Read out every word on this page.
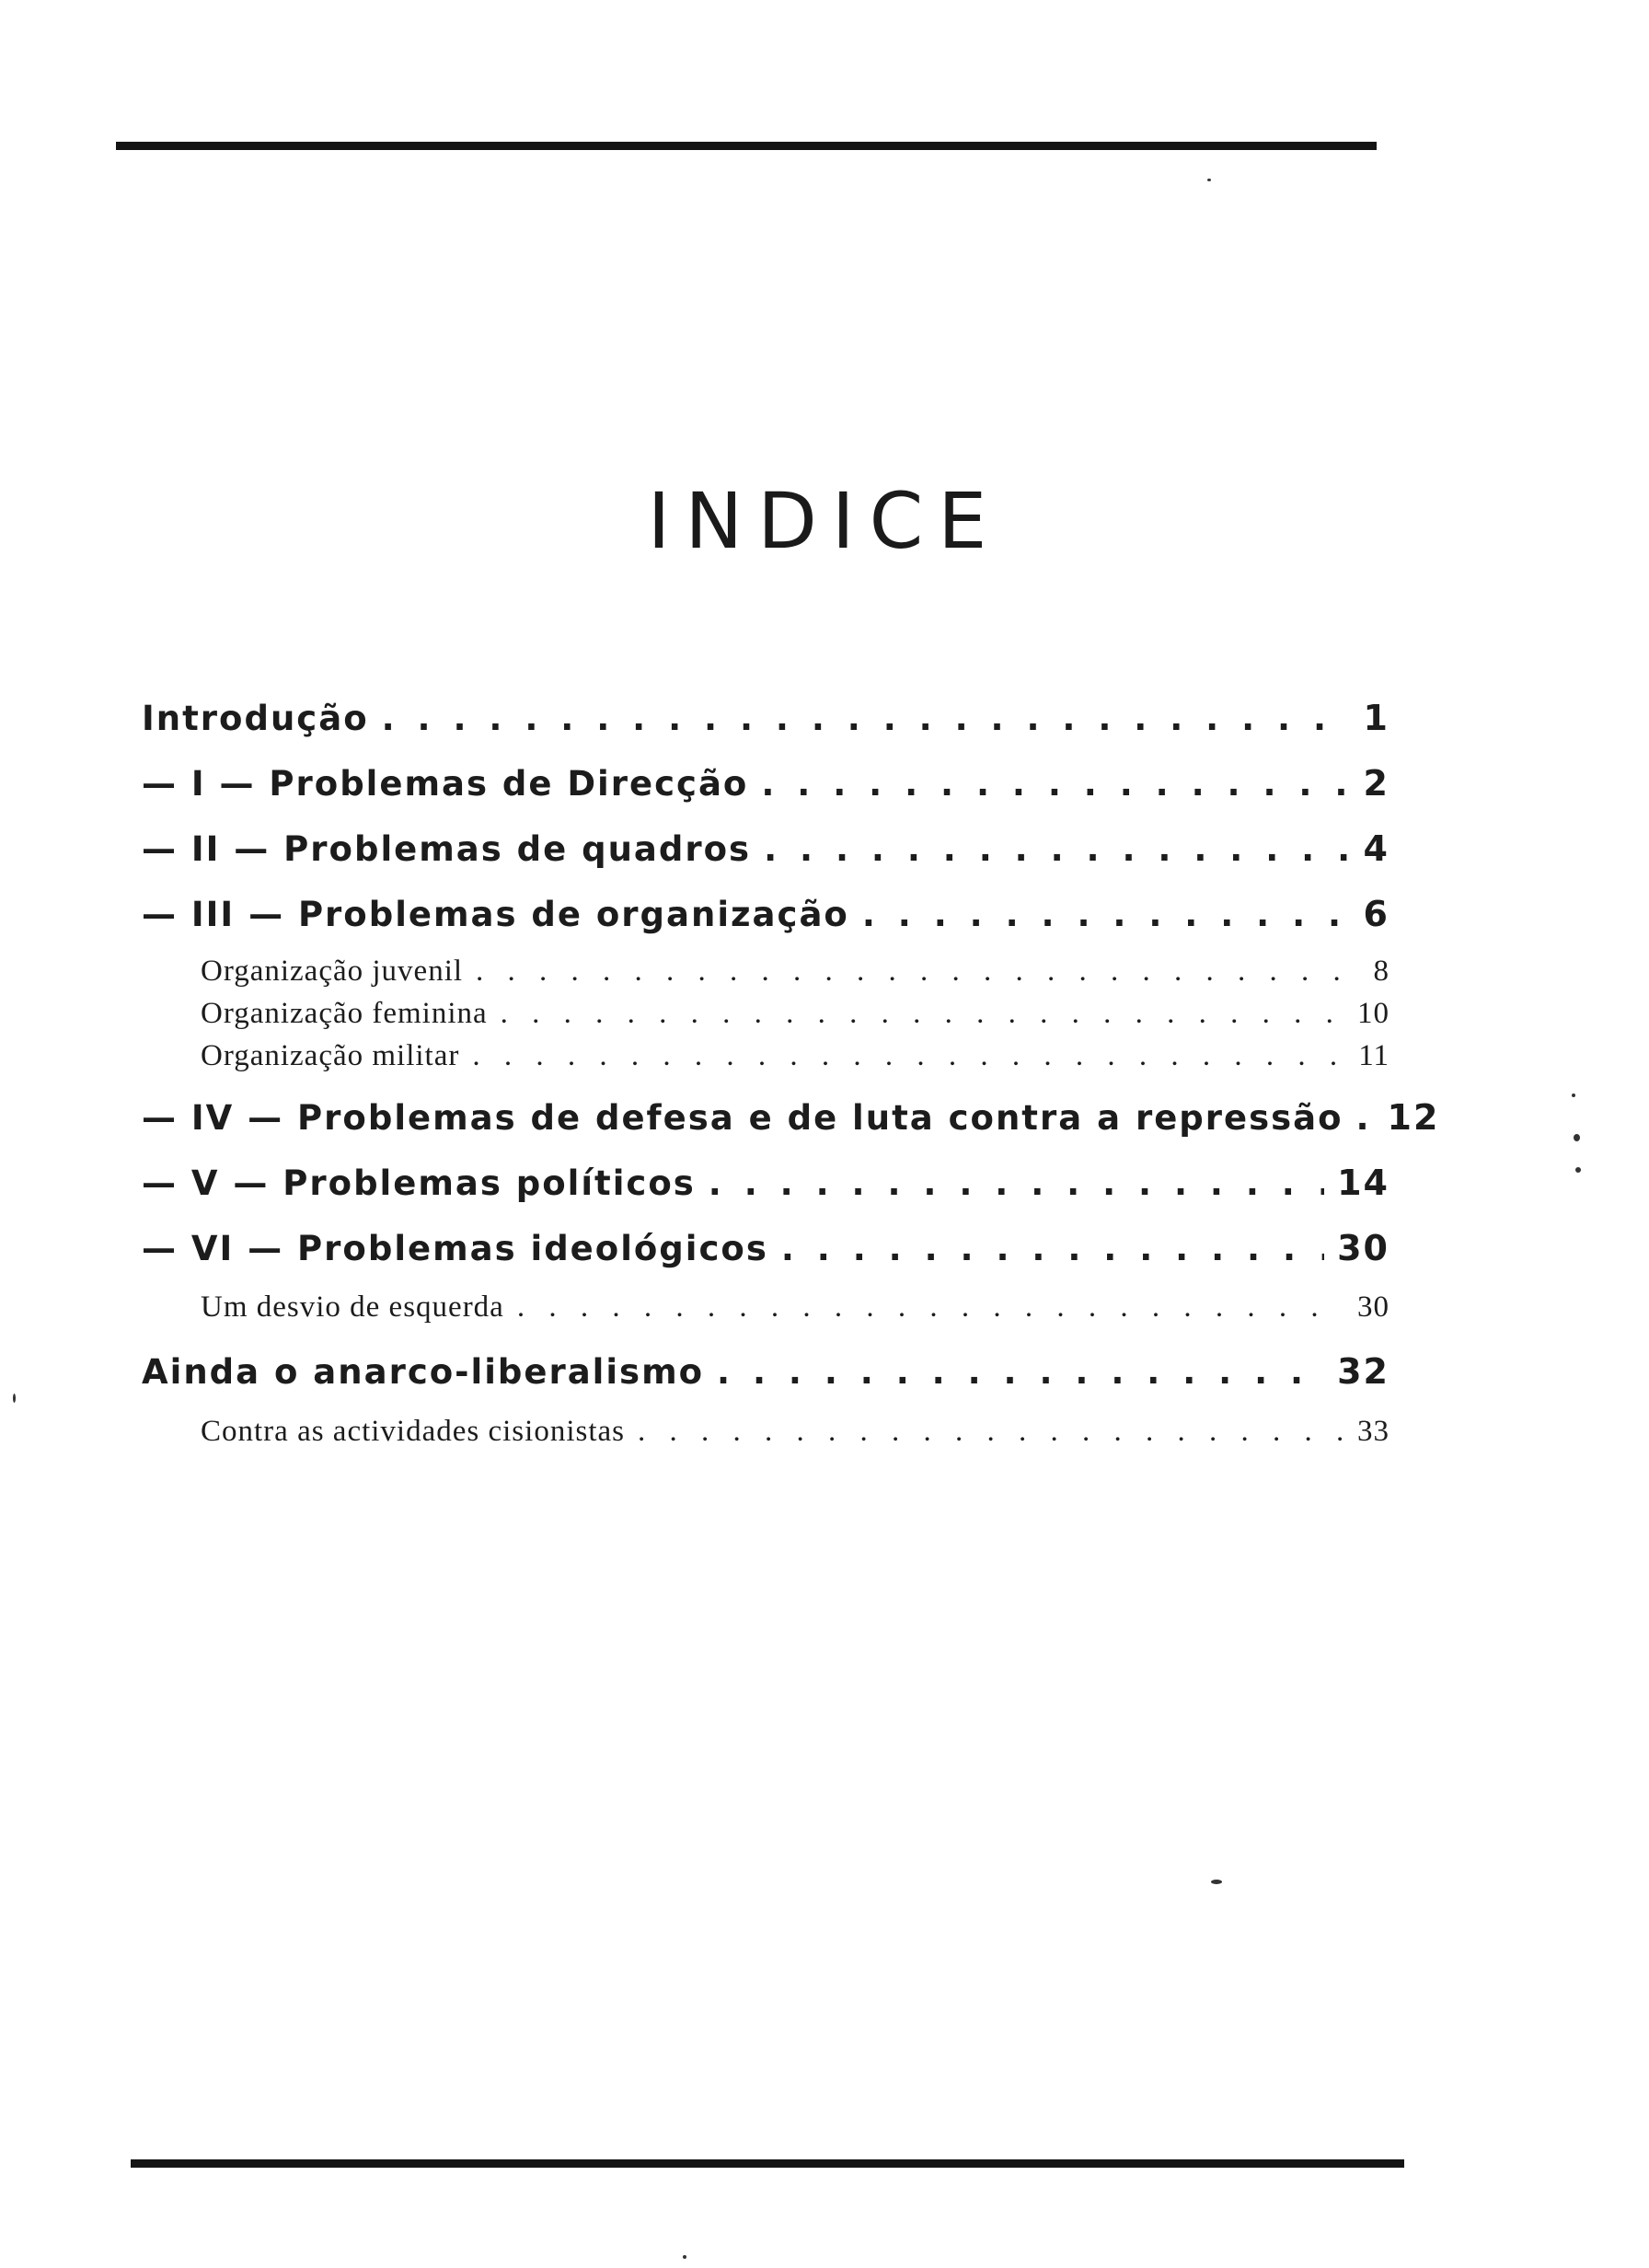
INDICE
Introdução . . .	1
— I — Problemas de Direcção . . .	2
— II — Problemas de quadros . . .	4
— III — Problemas de organização . . .	6
Organização juvenil . . .	8
Organização feminina . . .	10
Organização militar . . .	11
— IV — Problemas de defesa e de luta contra a repressão . . . 12
— V — Problemas políticos . . .	14
— VI — Problemas ideológicos . . .	30
Um desvio de esquerda . . .	30
Ainda o anarco-liberalismo . . .	32
Contra as actividades cisionistas . . .	33
